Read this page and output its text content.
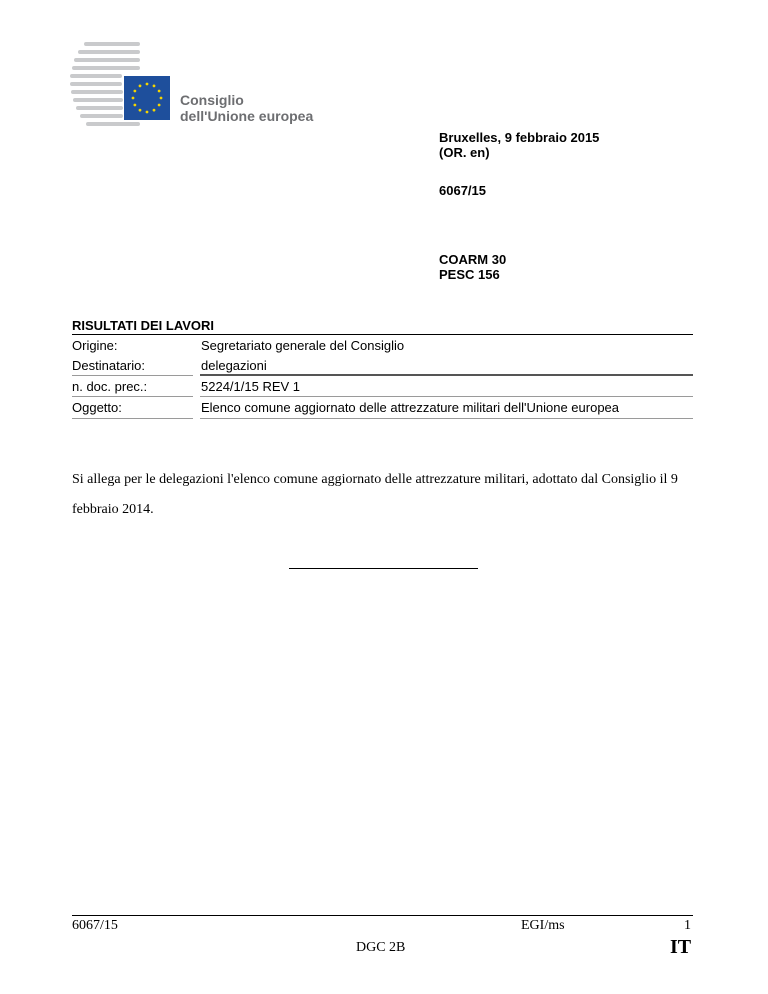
Consiglio
dell'Unione europea
Bruxelles, 9 febbraio 2015
(OR. en)
6067/15
COARM 30
PESC 156
RISULTATI DEI LAVORI
Origine:	Segretariato generale del Consiglio
Destinatario:	delegazioni
n. doc. prec.:	5224/1/15 REV 1
Oggetto:	Elenco comune aggiornato delle attrezzature militari dell'Unione europea
Si allega per le delegazioni l'elenco comune aggiornato delle attrezzature militari, adottato dal Consiglio il 9 febbraio 2014.
6067/15	EGI/ms	1
DGC 2B	IT
